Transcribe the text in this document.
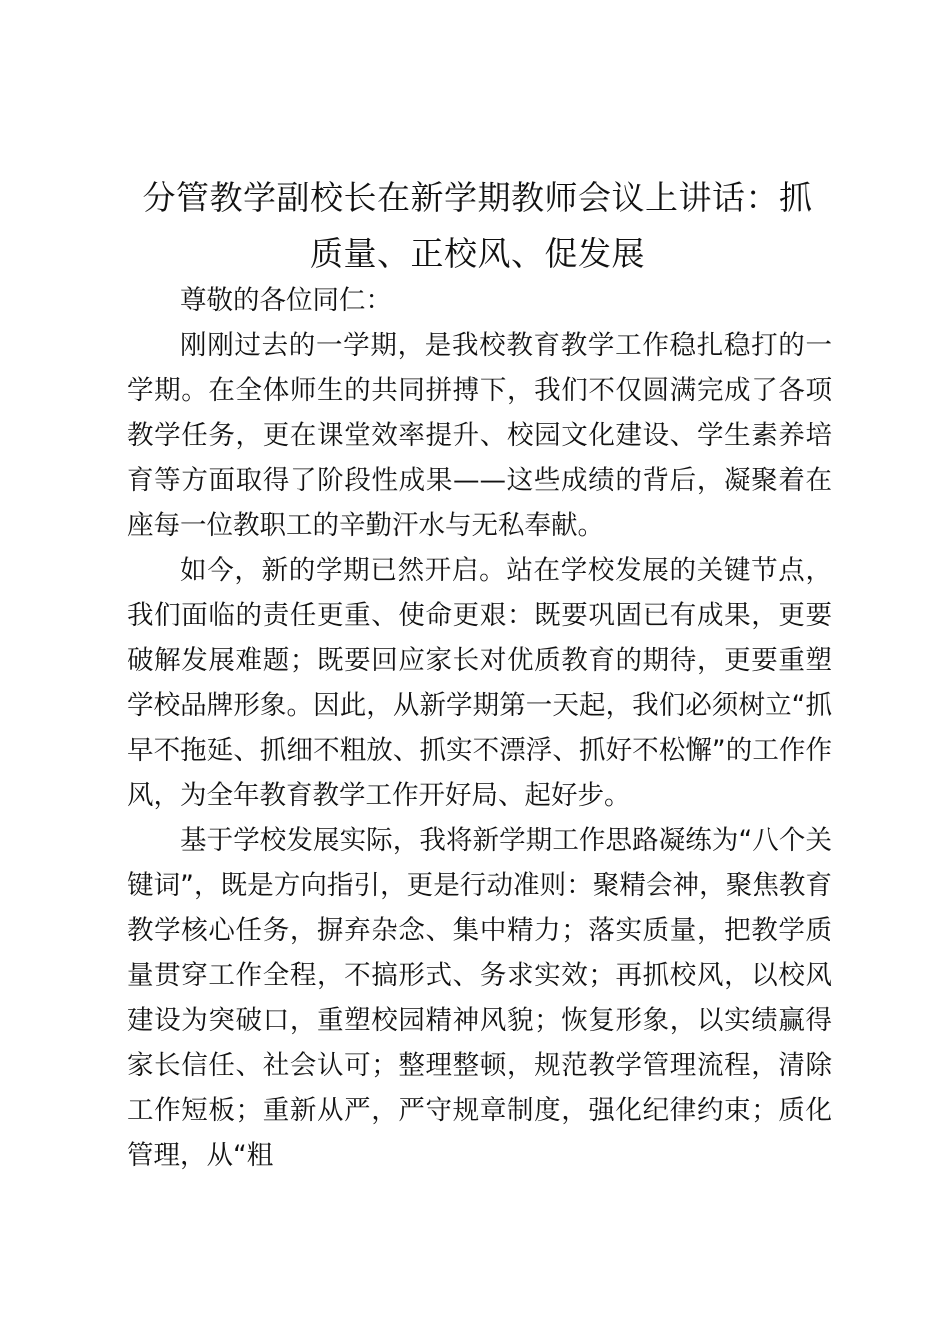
分管教学副校长在新学期教师会议上讲话：抓
质量、正校风、促发展

尊敬的各位同仁：

刚刚过去的一学期，是我校教育教学工作稳扎稳打的一学期。在全体师生的共同拼搏下，我们不仅圆满完成了各项教学任务，更在课堂效率提升、校园文化建设、学生素养培育等方面取得了阶段性成果——这些成绩的背后，凝聚着在座每一位教职工的辛勤汗水与无私奉献。

如今，新的学期已然开启。站在学校发展的关键节点，我们面临的责任更重、使命更艰：既要巩固已有成果，更要破解发展难题；既要回应家长对优质教育的期待，更要重塑学校品牌形象。因此，从新学期第一天起，我们必须树立“抓早不拖延、抓细不粗放、抓实不漂浮、抓好不松懈”的工作作风，为全年教育教学工作开好局、起好步。

基于学校发展实际，我将新学期工作思路凝练为“八个关键词”，既是方向指引，更是行动准则：聚精会神，聚焦教育教学核心任务，摒弃杂念、集中精力；落实质量，把教学质量贯穿工作全程，不搞形式、务求实效；再抓校风，以校风建设为突破口，重塑校园精神风貌；恢复形象，以实绩赢得家长信任、社会认可；整理整顿，规范教学管理流程，清除工作短板；重新从严，严守规章制度，强化纪律约束；质化管理，从“粗
